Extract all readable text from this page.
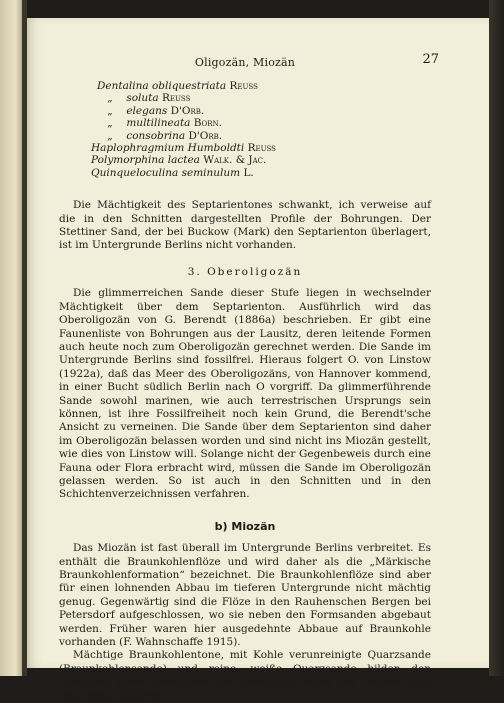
Oligozän, Miozän	27
Dentalina obliquestriata Reuss
„ soluta Reuss
„ elegans D'Orb.
„ multilineata Born.
„ consobrina D'Orb.
Haplophragmium Humboldti Reuss
Polymorphina lactea Walk. & Jac.
Quinqueloculina seminulum L.

Die Mächtigkeit des Septarientones schwankt, ich verweise auf die in den Schnitten dargestellten Profile der Bohrungen. Der Stettiner Sand, der bei Buckow (Mark) den Septarienton überlagert, ist im Untergrunde Berlins nicht vorhanden.

3. Oberoligozän

Die glimmerreichen Sande dieser Stufe liegen in wechselnder Mächtigkeit über dem Septarienton. Ausführlich wird das Oberoligozän von G. Berendt (1886a) beschrieben. Er gibt eine Faunenliste von Bohrungen aus der Lausitz, deren leitende Formen auch heute noch zum Oberoligozän gerechnet werden. Die Sande im Untergrunde Berlins sind fossilfrei. Hieraus folgert O. von Linstow (1922a), daß das Meer des Oberoligozäns, von Hannover kommend, in einer Bucht südlich Berlin nach O vorgriff. Da glimmerführende Sande sowohl marinen, wie auch terrestrischen Ursprungs sein können, ist ihre Fossilfreiheit noch kein Grund, die Berendt'sche Ansicht zu verneinen. Die Sande über dem Septarienton sind daher im Oberoligozän belassen worden und sind nicht ins Miozän gestellt, wie dies von Linstow will. Solange nicht der Gegenbeweis durch eine Fauna oder Flora erbracht wird, müssen die Sande im Oberoligozän gelassen werden. So ist auch in den Schnitten und in den Schichtenverzeichnissen verfahren.

b) Miozän

Das Miozän ist fast überall im Untergrunde Berlins verbreitet. Es enthält die Braunkohlenflöze und wird daher als die „Märkische Braunkohlenformation“ bezeichnet. Die Braunkohlenflöze sind aber für einen lohnenden Abbau im tieferen Untergrunde nicht mächtig genug. Gegenwärtig sind die Flöze in den Rauhenschen Bergen bei Petersdorf aufgeschlossen, wo sie neben den Formsanden abgebaut werden. Früher waren hier ausgedehnte Abbaue auf Braunkohle vorhanden (F. Wahnschaffe 1915).

Mächtige Braunkohlentone, mit Kohle verunreinigte Quarzsande (Braunkohlensande) und reine, weiße Quarzsande bilden den Hauptteil dieser Formation. Die Kiese und Sande des Tertiärs sind fast immer kalkfrei.
